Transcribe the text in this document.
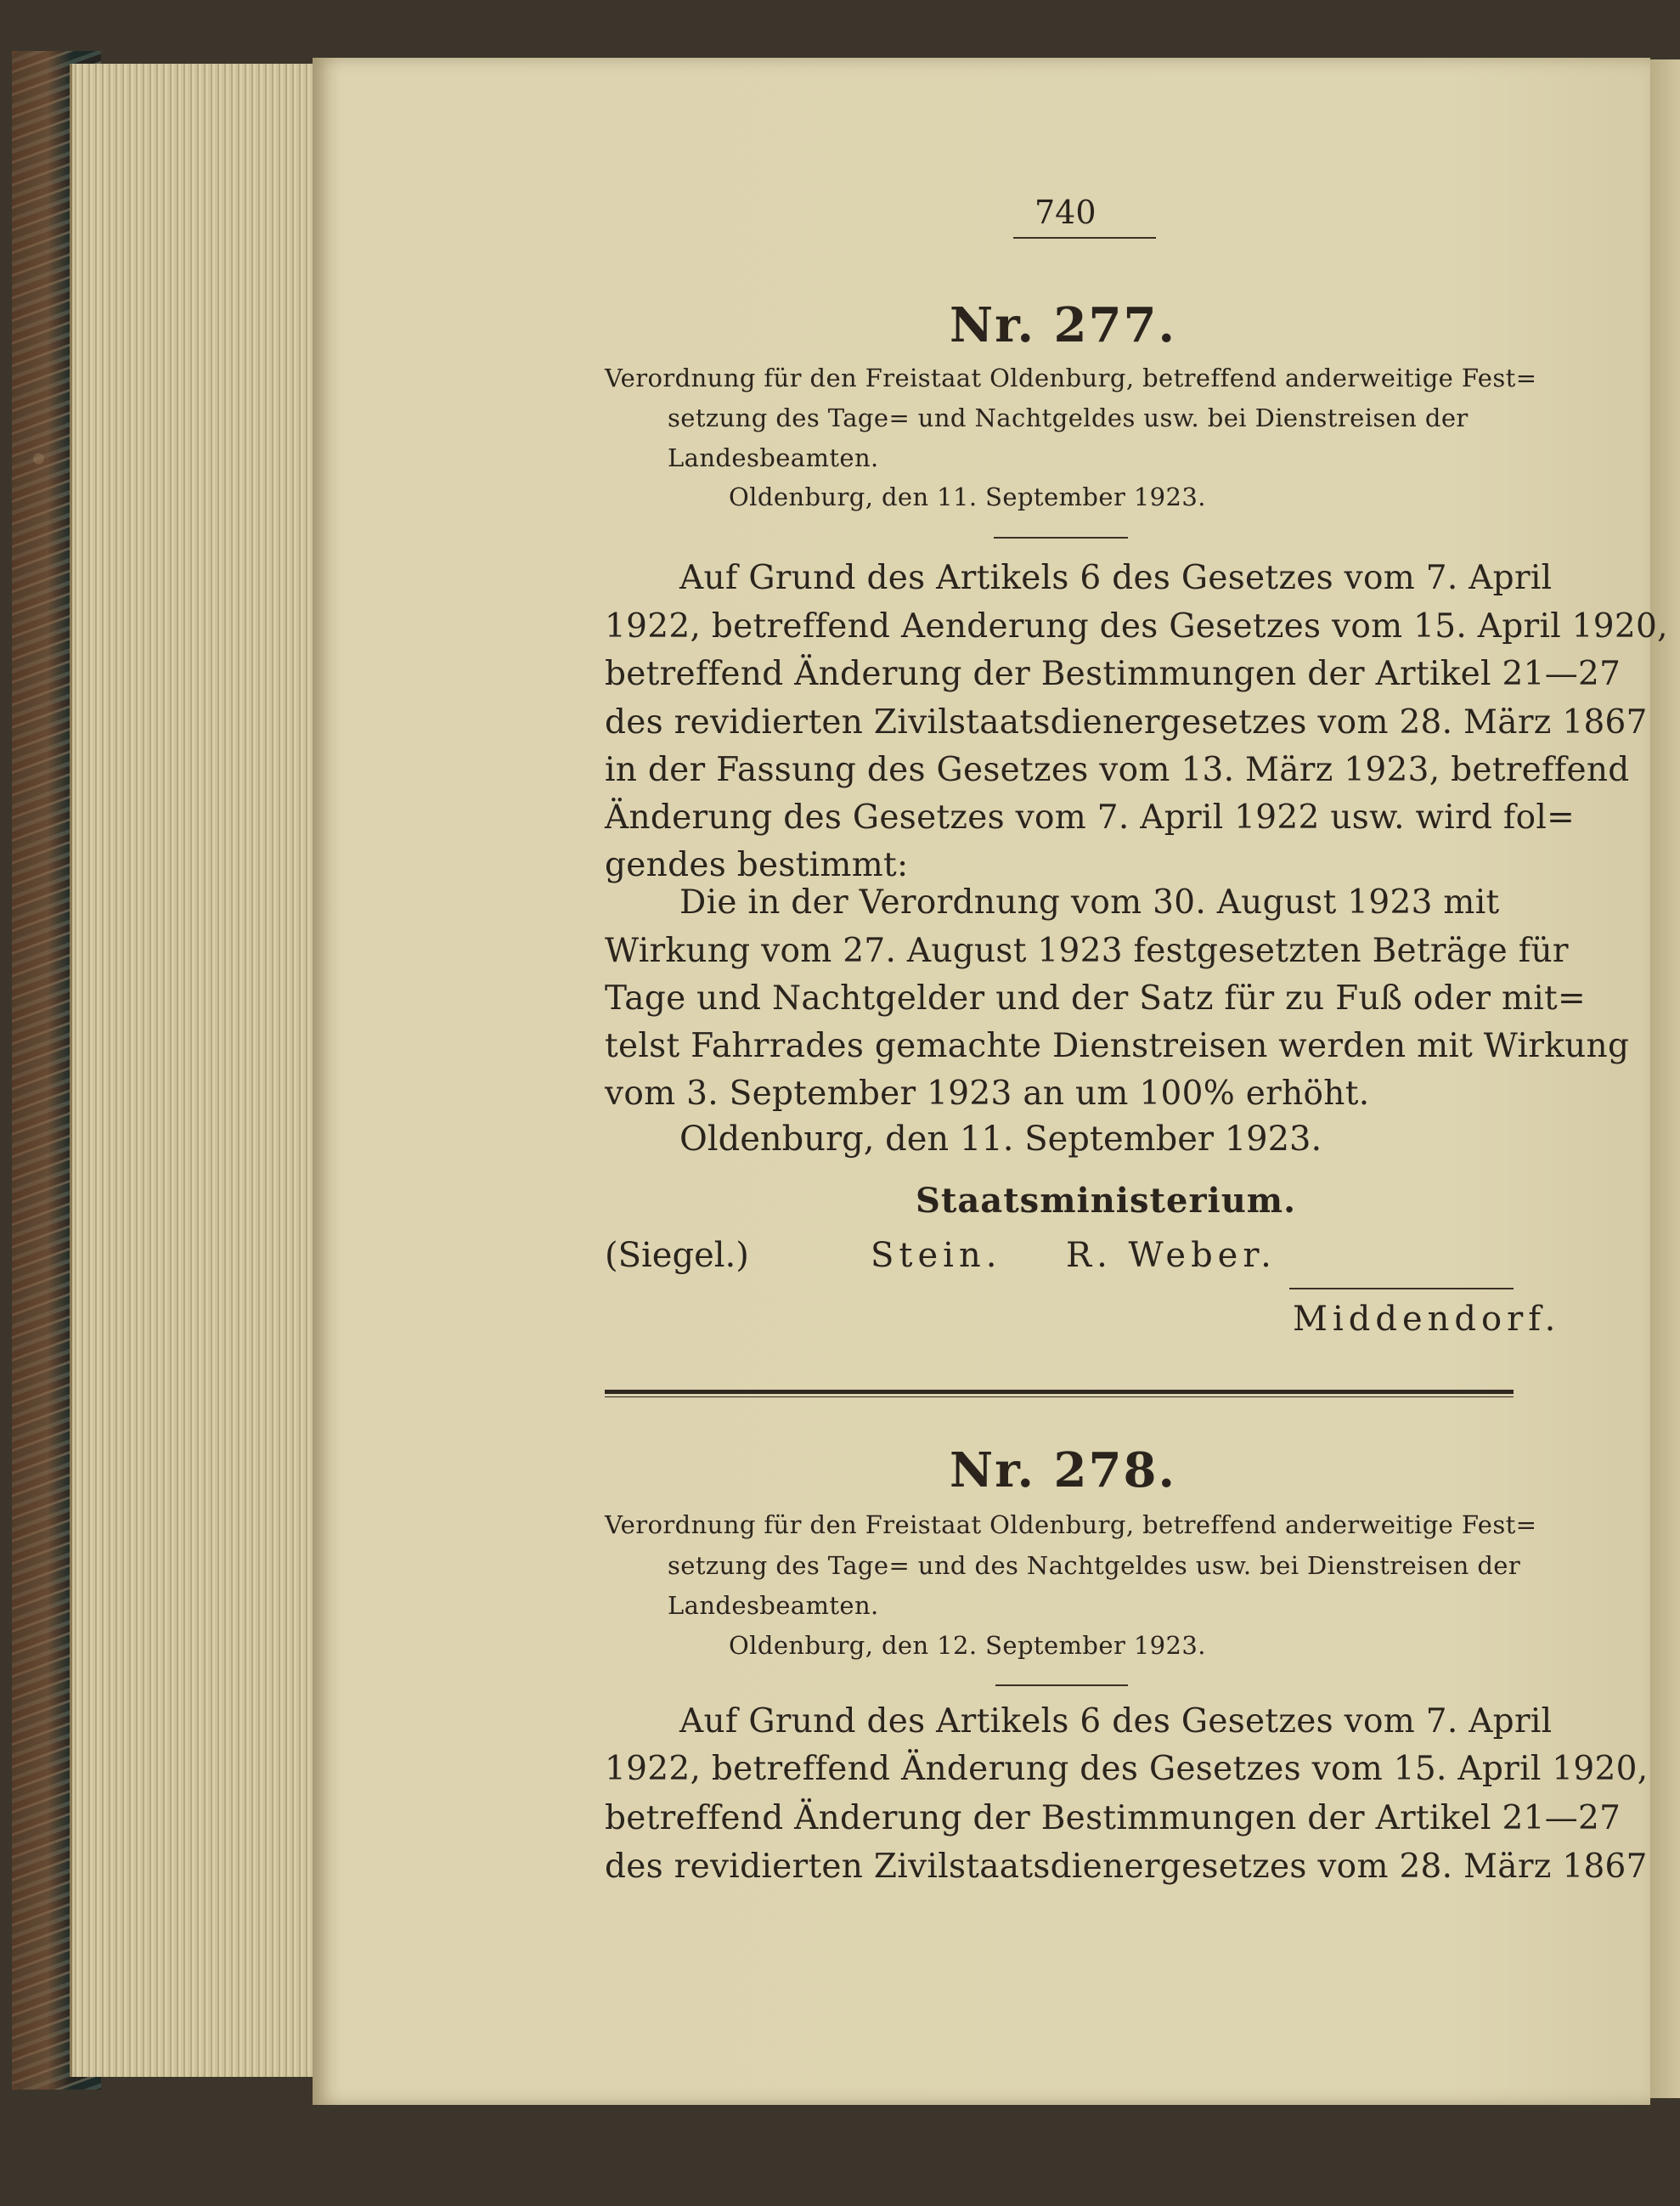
740

Nr. 277.

Verordnung für den Freistaat Oldenburg, betreffend anderweitige Fest=

setzung des Tage= und Nachtgeldes usw. bei Dienstreisen der

Landesbeamten.

Oldenburg, den 11. September 1923.

Auf Grund des Artikels 6 des Gesetzes vom 7. April

1922, betreffend Aenderung des Gesetzes vom 15. April 1920,

betreffend Änderung der Bestimmungen der Artikel 21—27

des revidierten Zivilstaatsdienergesetzes vom 28. März 1867

in der Fassung des Gesetzes vom 13. März 1923, betreffend

Änderung des Gesetzes vom 7. April 1922 usw. wird fol=

gendes bestimmt:

Die in der Verordnung vom 30. August 1923 mit

Wirkung vom 27. August 1923 festgesetzten Beträge für

Tage und Nachtgelder und der Satz für zu Fuß oder mit=

telst Fahrrades gemachte Dienstreisen werden mit Wirkung

vom 3. September 1923 an um 100% erhöht.

Oldenburg, den 11. September 1923.

Staatsministerium.

(Siegel.)	Stein. R. Weber.

Middendorf.

Nr. 278.

Verordnung für den Freistaat Oldenburg, betreffend anderweitige Fest=

setzung des Tage= und des Nachtgeldes usw. bei Dienstreisen der

Landesbeamten.

Oldenburg, den 12. September 1923.

Auf Grund des Artikels 6 des Gesetzes vom 7. April

1922, betreffend Änderung des Gesetzes vom 15. April 1920,

betreffend Änderung der Bestimmungen der Artikel 21—27

des revidierten Zivilstaatsdienergesetzes vom 28. März 1867
